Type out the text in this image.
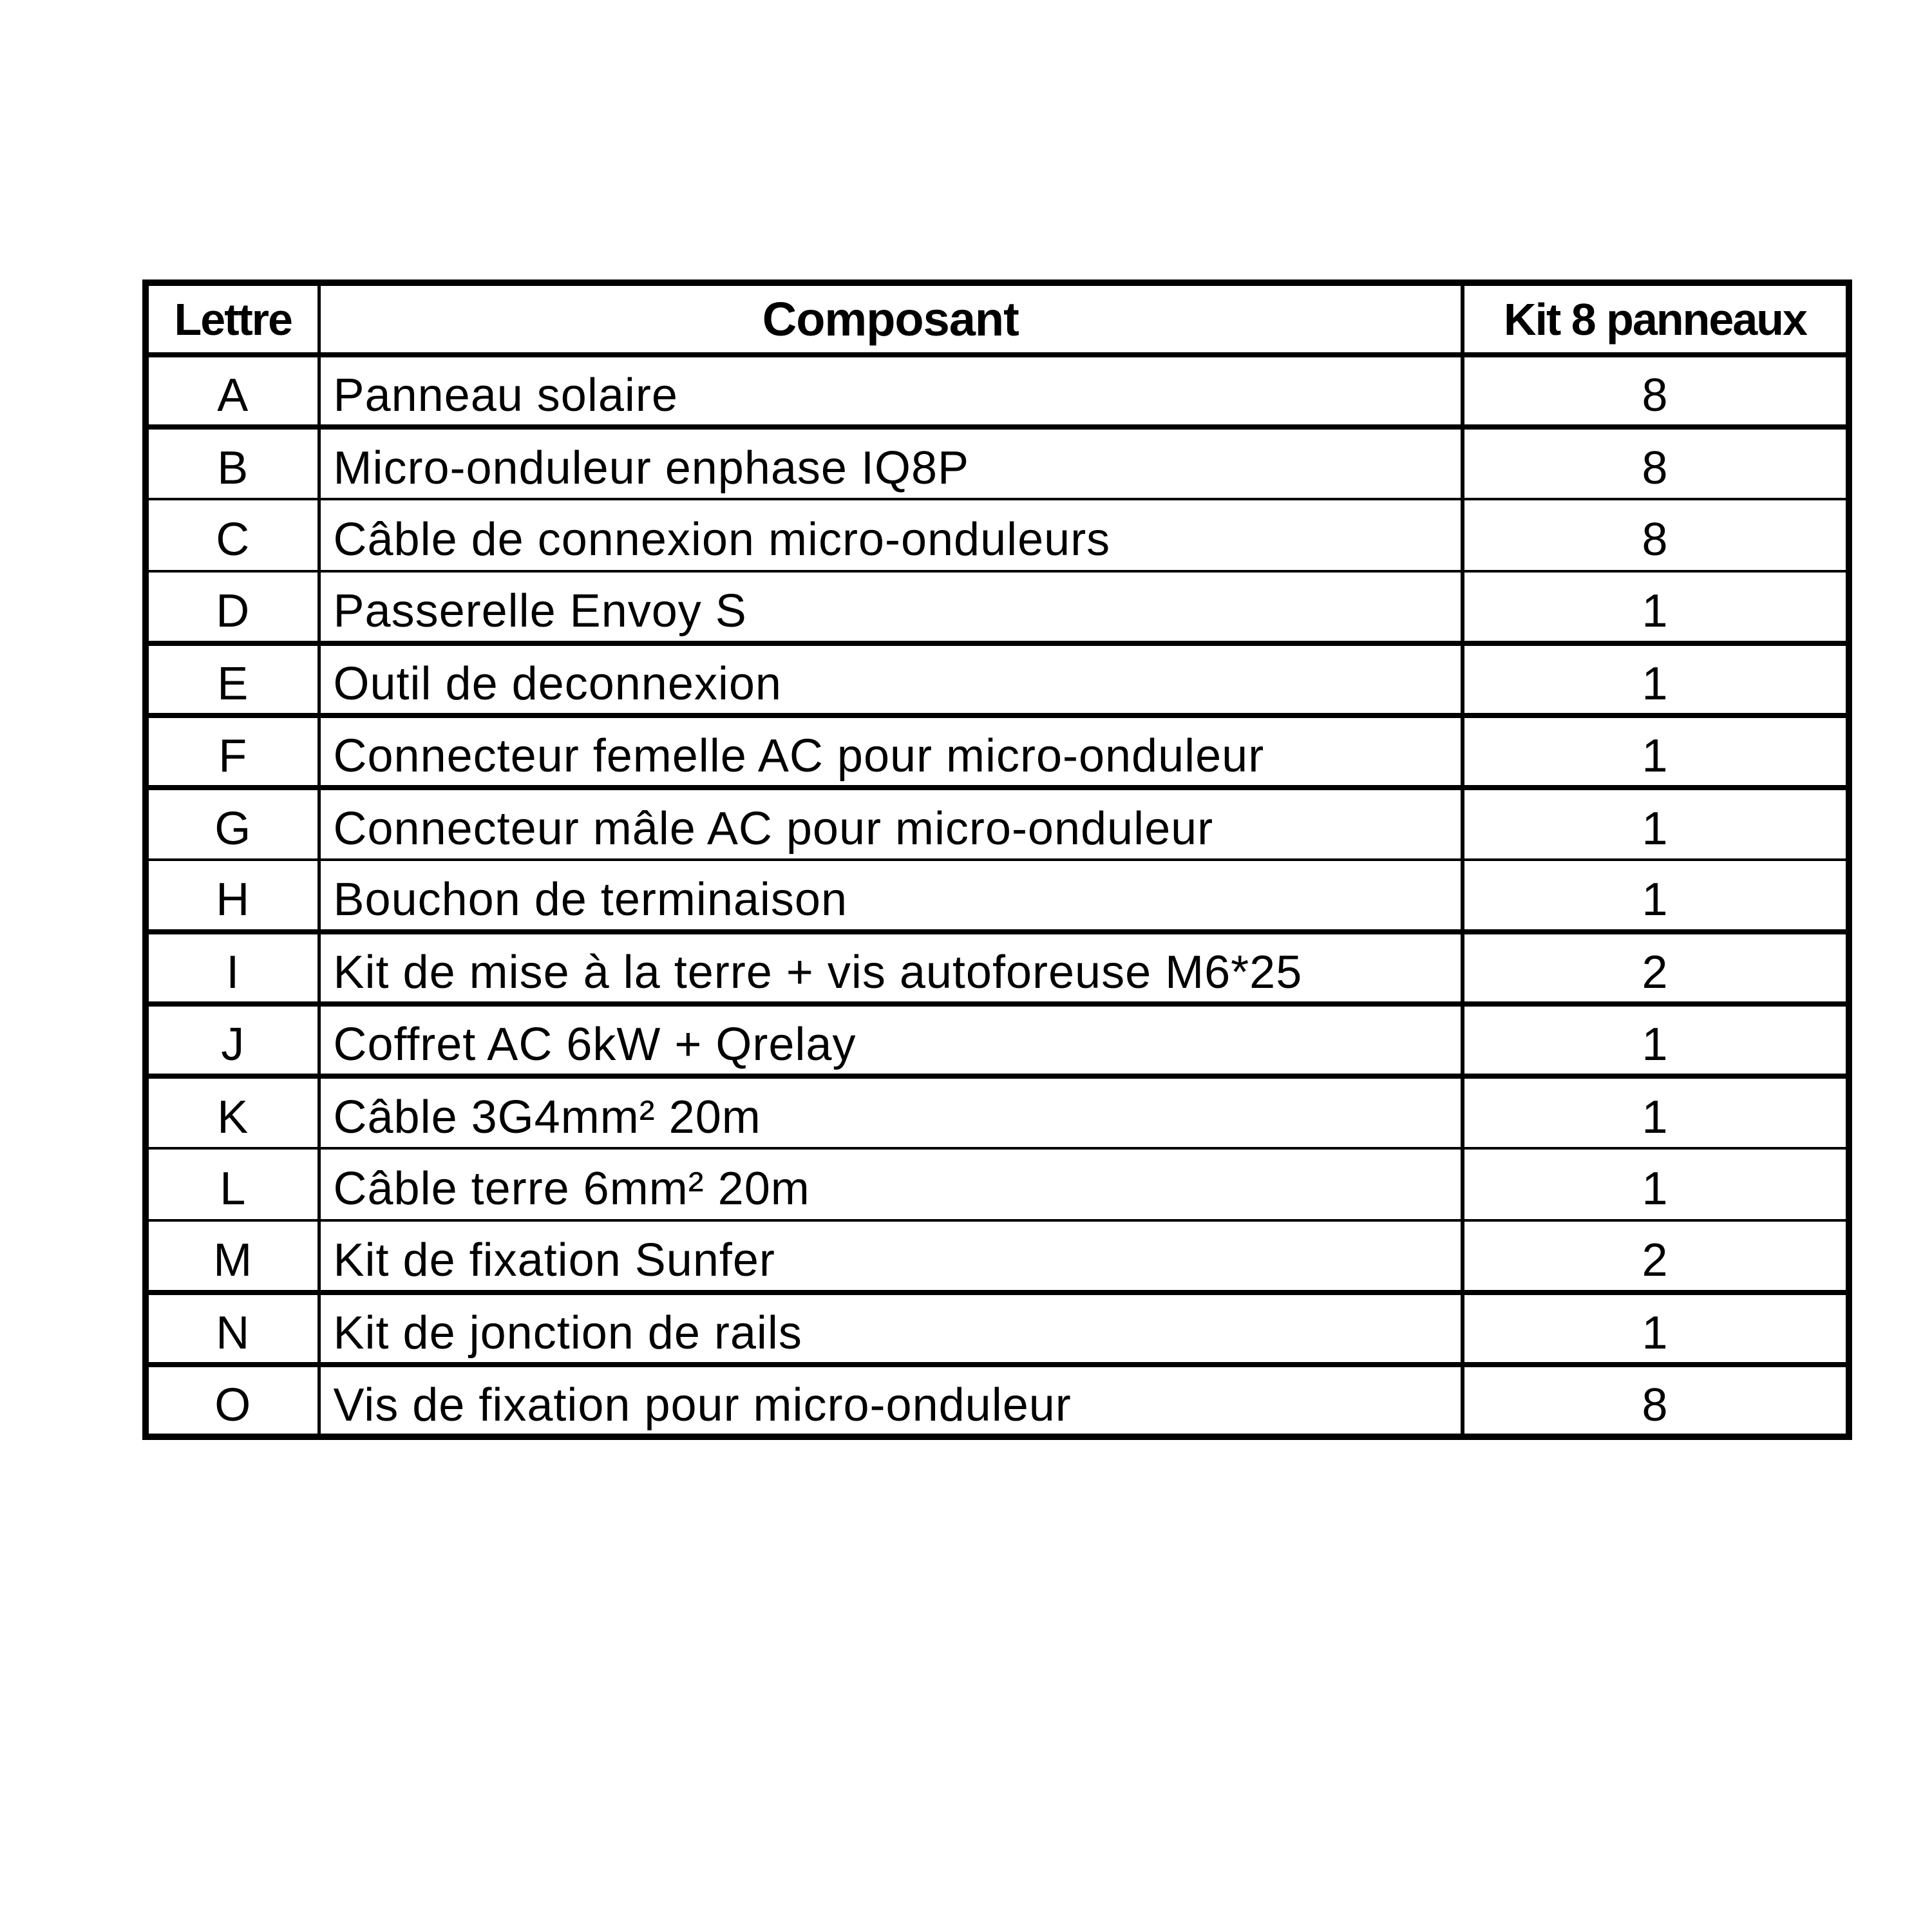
Lettre	Composant	Kit 8 panneaux
A	Panneau solaire	8
B	Micro-onduleur enphase IQ8P	8
C	Câble de connexion micro-onduleurs	8
D	Passerelle Envoy S	1
E	Outil de deconnexion	1
F	Connecteur femelle AC pour micro-onduleur	1
G	Connecteur mâle AC pour micro-onduleur	1
H	Bouchon de terminaison	1
I	Kit de mise à la terre + vis autoforeuse M6*25	2
J	Coffret AC 6kW + Qrelay	1
K	Câble 3G4mm² 20m	1
L	Câble terre 6mm² 20m	1
M	Kit de fixation Sunfer	2
N	Kit de jonction de rails	1
O	Vis de fixation pour micro-onduleur	8
